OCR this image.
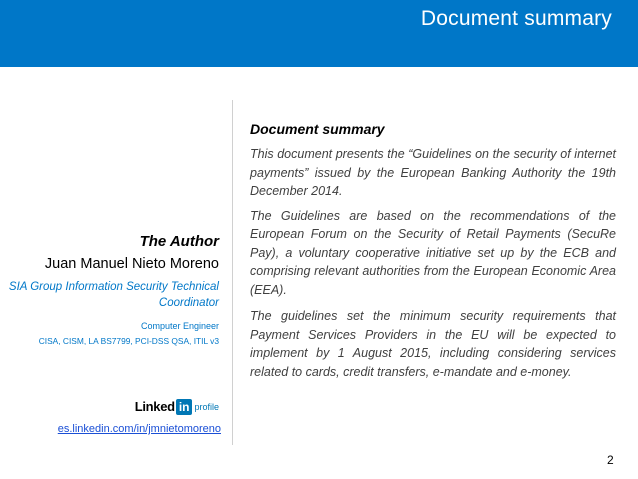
Document summary
The Author
Juan Manuel Nieto Moreno
SIA Group Information Security Technical Coordinator
Computer Engineer
CISA, CISM, LA BS7799, PCI-DSS QSA, ITIL v3
Linked in profile
es.linkedin.com/in/jmnietomoreno
Document summary

This document presents the “Guidelines on the security of internet payments” issued by the European Banking Authority the 19th December 2014.

The Guidelines are based on the recommendations of the European Forum on the Security of Retail Payments (SecuRe Pay), a voluntary cooperative initiative set up by the ECB and comprising relevant authorities from the European Economic Area (EEA).

The guidelines set the minimum security requirements that Payment Services Providers in the EU will be expected to implement by 1 August 2015, including considering services related to cards, credit transfers, e-mandate and e-money.

2
